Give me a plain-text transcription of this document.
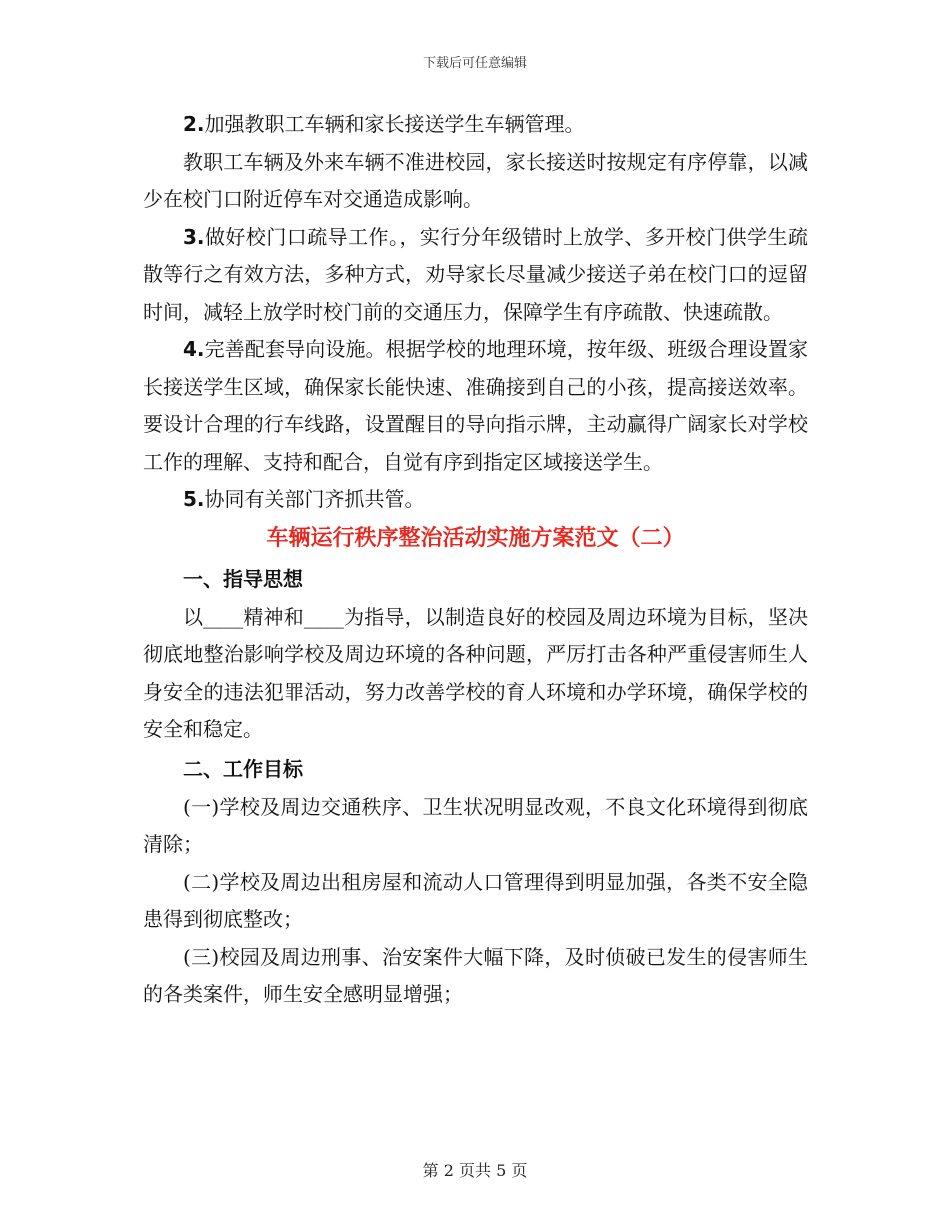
下载后可任意编辑

2.加强教职工车辆和家长接送学生车辆管理。

教职工车辆及外来车辆不准进校园，家长接送时按规定有序停靠，以减少在校门口附近停车对交通造成影响。

3.做好校门口疏导工作。，实行分年级错时上放学、多开校门供学生疏散等行之有效方法，多种方式，劝导家长尽量减少接送子弟在校门口的逗留时间，减轻上放学时校门前的交通压力，保障学生有序疏散、快速疏散。

4.完善配套导向设施。根据学校的地理环境，按年级、班级合理设置家长接送学生区域，确保家长能快速、准确接到自己的小孩，提高接送效率。要设计合理的行车线路，设置醒目的导向指示牌，主动赢得广阔家长对学校工作的理解、支持和配合，自觉有序到指定区域接送学生。

5.协同有关部门齐抓共管。

车辆运行秩序整治活动实施方案范文（二）

一、指导思想

以____精神和____为指导，以制造良好的校园及周边环境为目标，坚决彻底地整治影响学校及周边环境的各种问题，严厉打击各种严重侵害师生人身安全的违法犯罪活动，努力改善学校的育人环境和办学环境，确保学校的安全和稳定。

二、工作目标

(一)学校及周边交通秩序、卫生状况明显改观，不良文化环境得到彻底清除；

(二)学校及周边出租房屋和流动人口管理得到明显加强，各类不安全隐患得到彻底整改；

(三)校园及周边刑事、治安案件大幅下降，及时侦破已发生的侵害师生的各类案件，师生安全感明显增强；

第 2 页共 5 页
